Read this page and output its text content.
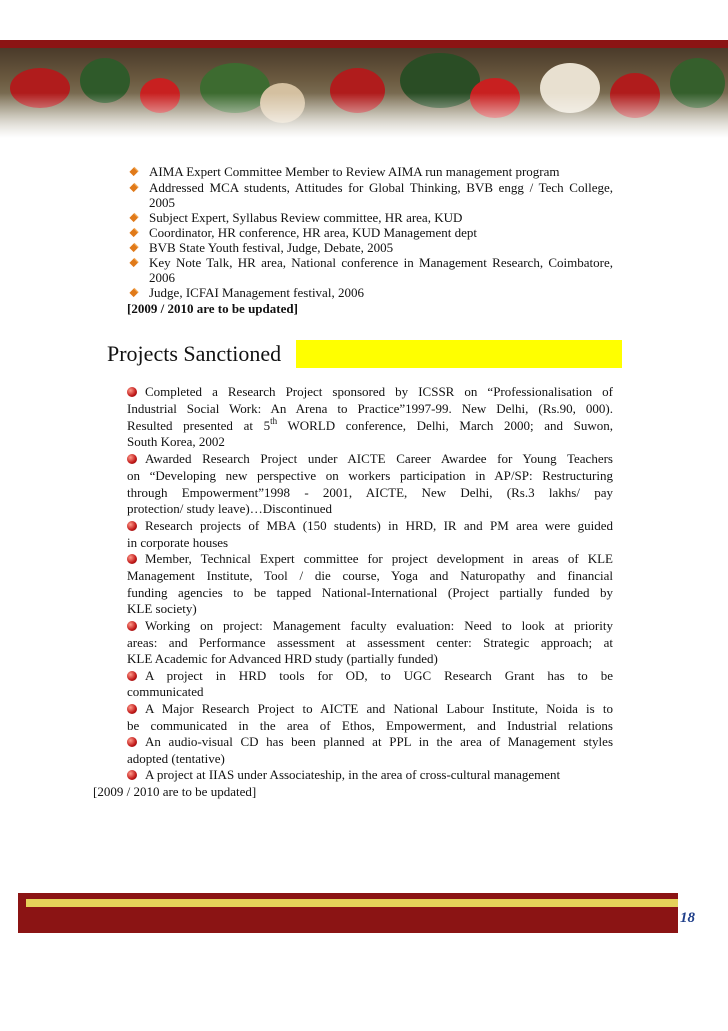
AIMA Expert Committee Member to Review AIMA run management program
Addressed MCA students, Attitudes for Global Thinking, BVB engg / Tech College,
2005
Subject Expert, Syllabus Review committee, HR area, KUD
Coordinator, HR conference, HR area, KUD Management dept
BVB State Youth festival, Judge, Debate, 2005
Key Note Talk, HR area, National conference in Management Research, Coimbatore,
2006
Judge, ICFAI Management festival, 2006
[2009 / 2010 are to be updated]
Projects Sanctioned
Completed a Research Project sponsored by ICSSR on “Professionalisation of
Industrial Social Work: An Arena to Practice”1997-99. New Delhi, (Rs.90, 000).
Resulted presented at 5th WORLD conference, Delhi, March 2000; and Suwon,
South Korea, 2002
Awarded Research Project under AICTE Career Awardee for Young Teachers
on “Developing new perspective on workers participation in AP/SP: Restructuring
through Empowerment”1998 - 2001, AICTE, New Delhi, (Rs.3 lakhs/ pay
protection/ study leave)…Discontinued
Research projects of MBA (150 students) in HRD, IR and PM area were guided
in corporate houses
Member, Technical Expert committee for project development in areas of KLE
Management Institute, Tool / die course, Yoga and Naturopathy and financial
funding agencies to be tapped National-International (Project partially funded by
KLE society)
Working on project: Management faculty evaluation: Need to look at priority
areas: and Performance assessment at assessment center: Strategic approach; at
KLE Academic for Advanced HRD study (partially funded)
A project in HRD tools for OD, to UGC Research Grant has to be
communicated
A Major Research Project to AICTE and National Labour Institute, Noida is to
be communicated in the area of Ethos, Empowerment, and Industrial relations
An audio-visual CD has been planned at PPL in the area of Management styles
adopted (tentative)
A project at IIAS under Associateship, in the area of cross-cultural management
[2009 / 2010 are to be updated]
18
